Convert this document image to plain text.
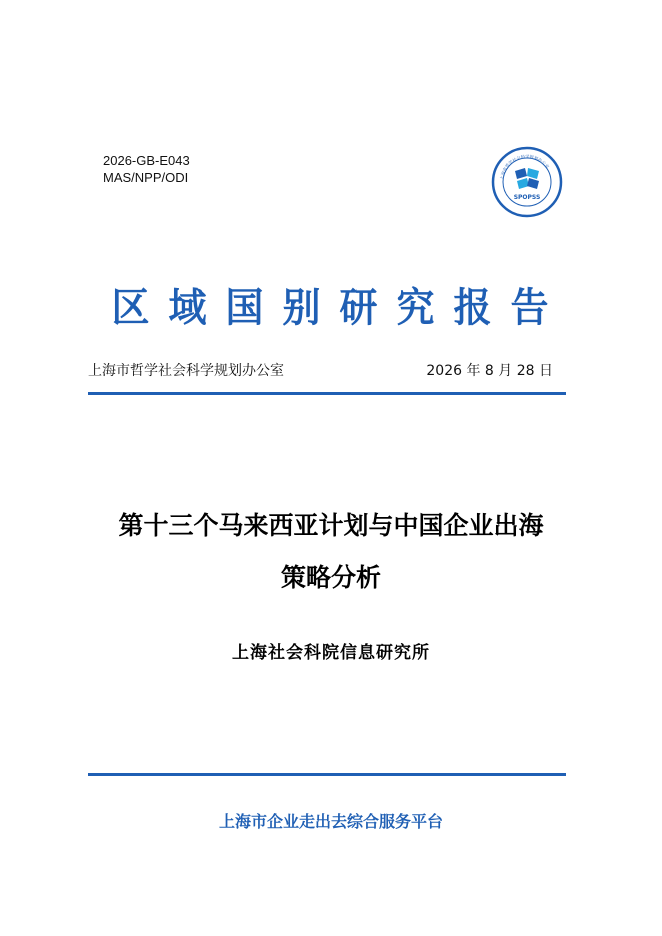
2026-GB-E043
MAS/NPP/ODI	上海市哲学社会科学规划办公室
SPOPSS
区 域 国 别 研 究 报 告
上海市哲学社会科学规划办公室	2026 年 8 月 28 日
第十三个马来西亚计划与中国企业出海
策略分析
上海社会科院信息研究所
上海市企业走出去综合服务平台
